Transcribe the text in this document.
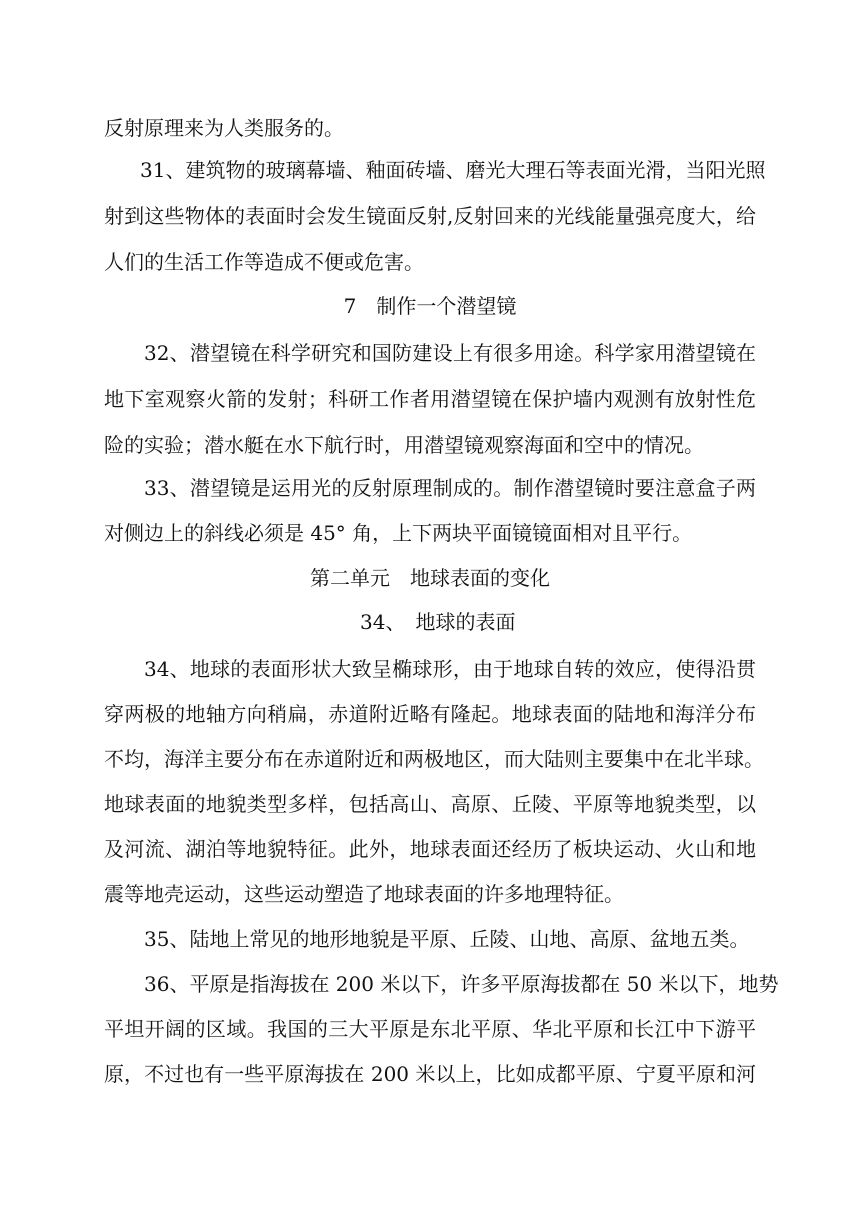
反射原理来为人类服务的。
31、建筑物的玻璃幕墙、釉面砖墙、磨光大理石等表面光滑，当阳光照
射到这些物体的表面时会发生镜面反射,反射回来的光线能量强亮度大，给
人们的生活工作等造成不便或危害。
7　制作一个潜望镜
32、潜望镜在科学研究和国防建设上有很多用途。科学家用潜望镜在
地下室观察火箭的发射；科研工作者用潜望镜在保护墙内观测有放射性危
险的实验；潜水艇在水下航行时，用潜望镜观察海面和空中的情况。
33、潜望镜是运用光的反射原理制成的。制作潜望镜时要注意盒子两
对侧边上的斜线必须是 45° 角，上下两块平面镜镜面相对且平行。
第二单元　地球表面的变化
34、　地球的表面
34、地球的表面形状大致呈椭球形，由于地球自转的效应，使得沿贯
穿两极的地轴方向稍扁，赤道附近略有隆起。地球表面的陆地和海洋分布
不均，海洋主要分布在赤道附近和两极地区，而大陆则主要集中在北半球。
地球表面的地貌类型多样，包括高山、高原、丘陵、平原等地貌类型，以
及河流、湖泊等地貌特征。此外，地球表面还经历了板块运动、火山和地
震等地壳运动，这些运动塑造了地球表面的许多地理特征。
35、陆地上常见的地形地貌是平原、丘陵、山地、高原、盆地五类。
36、平原是指海拔在 200 米以下，许多平原海拔都在 50 米以下，地势
平坦开阔的区域。我国的三大平原是东北平原、华北平原和长江中下游平
原，不过也有一些平原海拔在 200 米以上，比如成都平原、宁夏平原和河
